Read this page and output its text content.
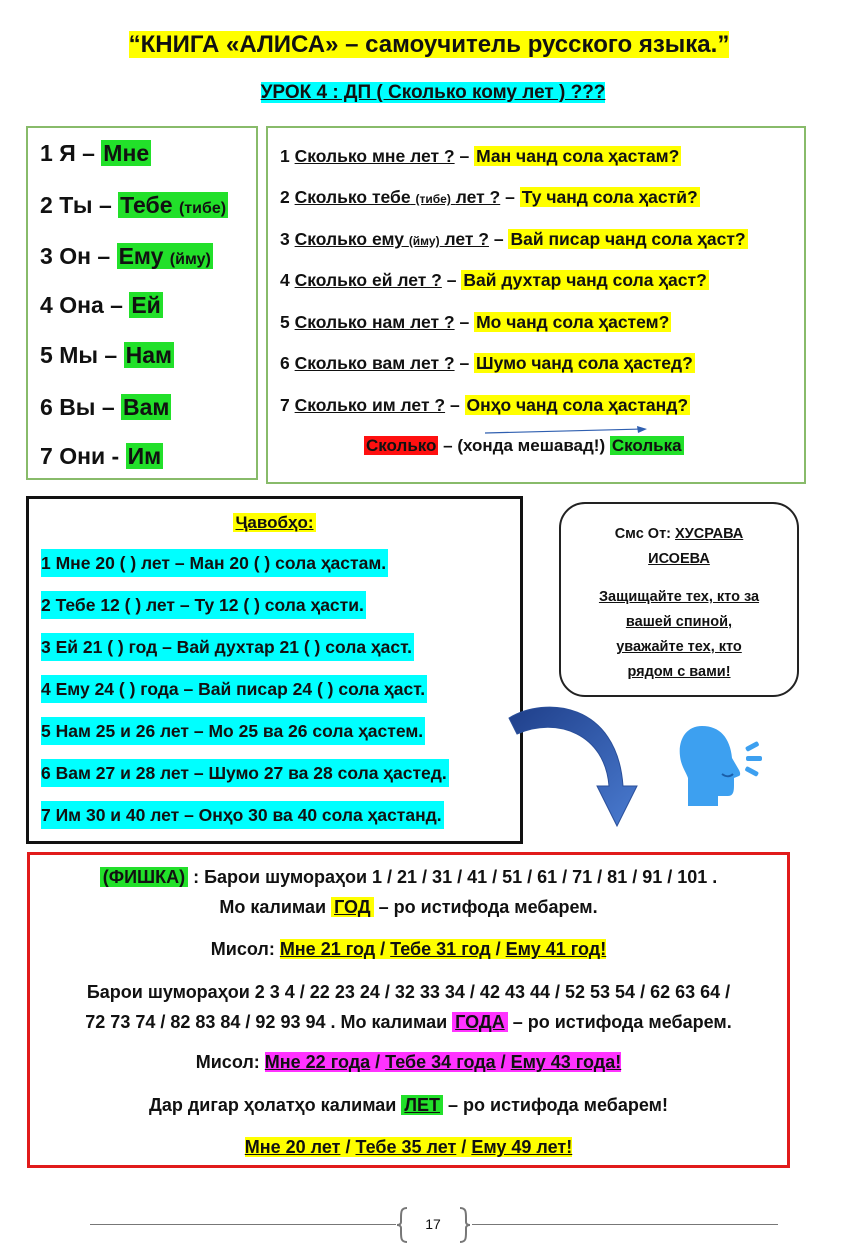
“КНИГА «АЛИСА» – самоучитель русского языка.”
УРОК 4 : ДП ( Сколько кому лет ) ???
1 Я – Мне
2 Ты – Тебе (тибе)
3 Он – Ему (йму)
4 Она – Ей
5 Мы – Нам
6 Вы – Вам
7 Они - Им
1 Сколько мне лет ? – Ман чанд сола ҳастам?
2 Сколько тебе (тибе) лет ? – Ту чанд сола ҳастӣ?
3 Сколько ему (йму) лет ? – Вай писар чанд сола ҳаст?
4 Сколько ей лет ? – Вай духтар чанд сола ҳаст?
5 Сколько нам лет ? – Мо чанд сола ҳастем?
6 Сколько вам лет ? – Шумо чанд сола ҳастед?
7 Сколько им лет ? – Онҳо чанд сола ҳастанд?
Сколько – (хонда мешавад!) Сколька
Ҷавобҳо:
1 Мне 20 ( ) лет – Ман 20 ( ) сола ҳастам.
2 Тебе 12 ( ) лет – Ту 12 ( ) сола ҳасти.
3 Ей 21 ( ) год – Вай духтар 21 ( ) сола ҳаст.
4 Ему 24 ( ) года – Вай писар 24 ( ) сола ҳаст.
5 Нам 25 и 26 лет – Мо 25 ва 26 сола ҳастем.
6 Вам 27 и 28 лет – Шумо 27 ва 28 сола ҳастед.
7 Им 30 и 40 лет – Онҳо 30 ва 40 сола ҳастанд.
Смс От: ХУСРАВА
ИСОЕВА
Защищайте тех, кто за
вашей спиной,
уважайте тех, кто
рядом с вами!
(ФИШКА) : Барои шумораҳои 1 / 21 / 31 / 41 / 51 / 61 / 71 / 81 / 91 / 101 .
Мо калимаи ГОД – ро истифода мебарем.
Мисол: Мне 21 год / Тебе 31 год / Ему 41 год!
Барои шумораҳои 2 3 4 / 22 23 24 / 32 33 34 / 42 43 44 / 52 53 54 / 62 63 64 /
72 73 74 / 82 83 84 / 92 93 94 . Мо калимаи ГОДА – ро истифода мебарем.
Мисол: Мне 22 года / Тебе 34 года / Ему 43 года!
Дар дигар ҳолатҳо калимаи ЛЕТ – ро истифода мебарем!
Мне 20 лет / Тебе 35 лет / Ему 49 лет!
17
